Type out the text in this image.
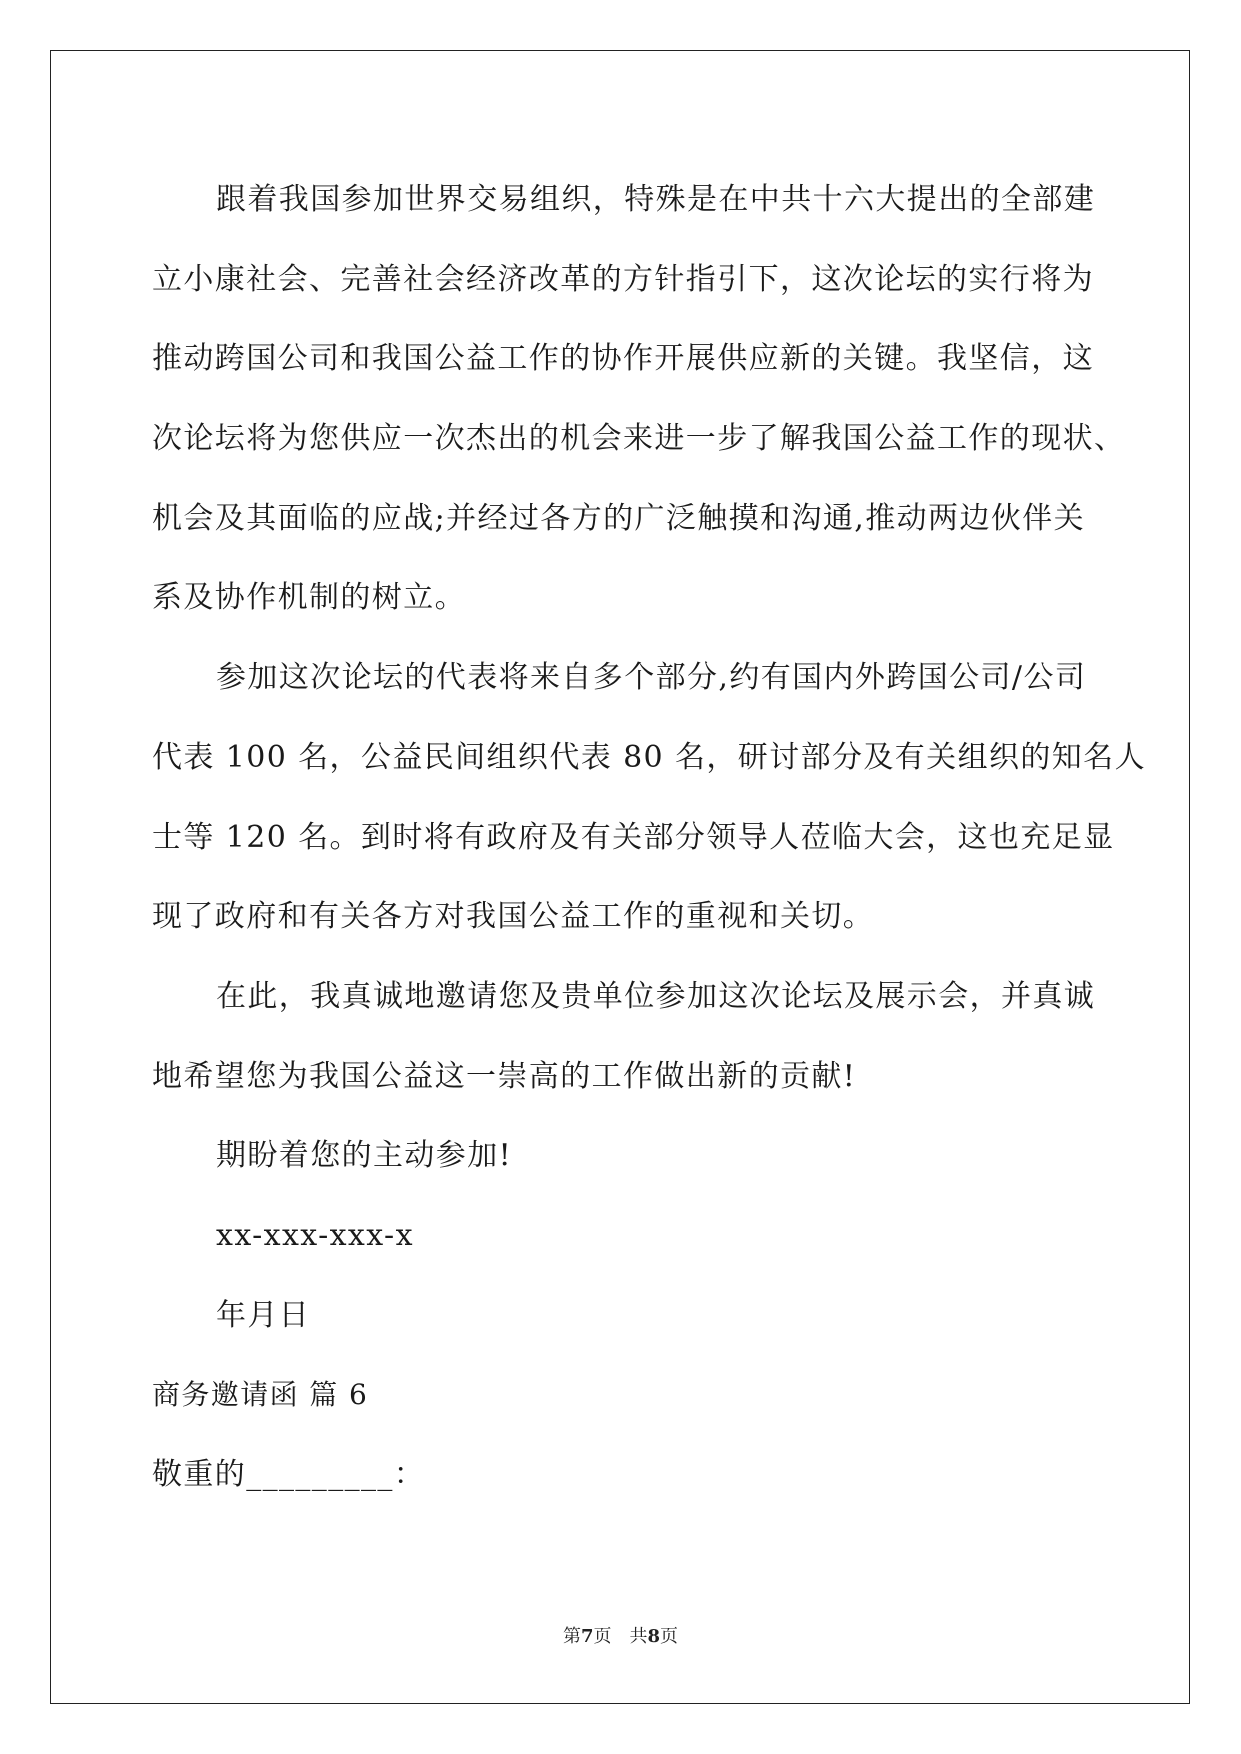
跟着我国参加世界交易组织，特殊是在中共十六大提出的全部建
立小康社会、完善社会经济改革的方针指引下，这次论坛的实行将为
推动跨国公司和我国公益工作的协作开展供应新的关键。我坚信，这
次论坛将为您供应一次杰出的机会来进一步了解我国公益工作的现状、
机会及其面临的应战;并经过各方的广泛触摸和沟通,推动两边伙伴关
系及协作机制的树立。
参加这次论坛的代表将来自多个部分,约有国内外跨国公司/公司
代表 100 名，公益民间组织代表 80 名，研讨部分及有关组织的知名人
士等 120 名。到时将有政府及有关部分领导人莅临大会，这也充足显
现了政府和有关各方对我国公益工作的重视和关切。
在此，我真诚地邀请您及贵单位参加这次论坛及展示会，并真诚
地希望您为我国公益这一崇高的工作做出新的贡献!
期盼着您的主动参加!
xx-xxx-xxx-x
年月日
商务邀请函 篇 6
敬重的_________：
第7页 共8页
